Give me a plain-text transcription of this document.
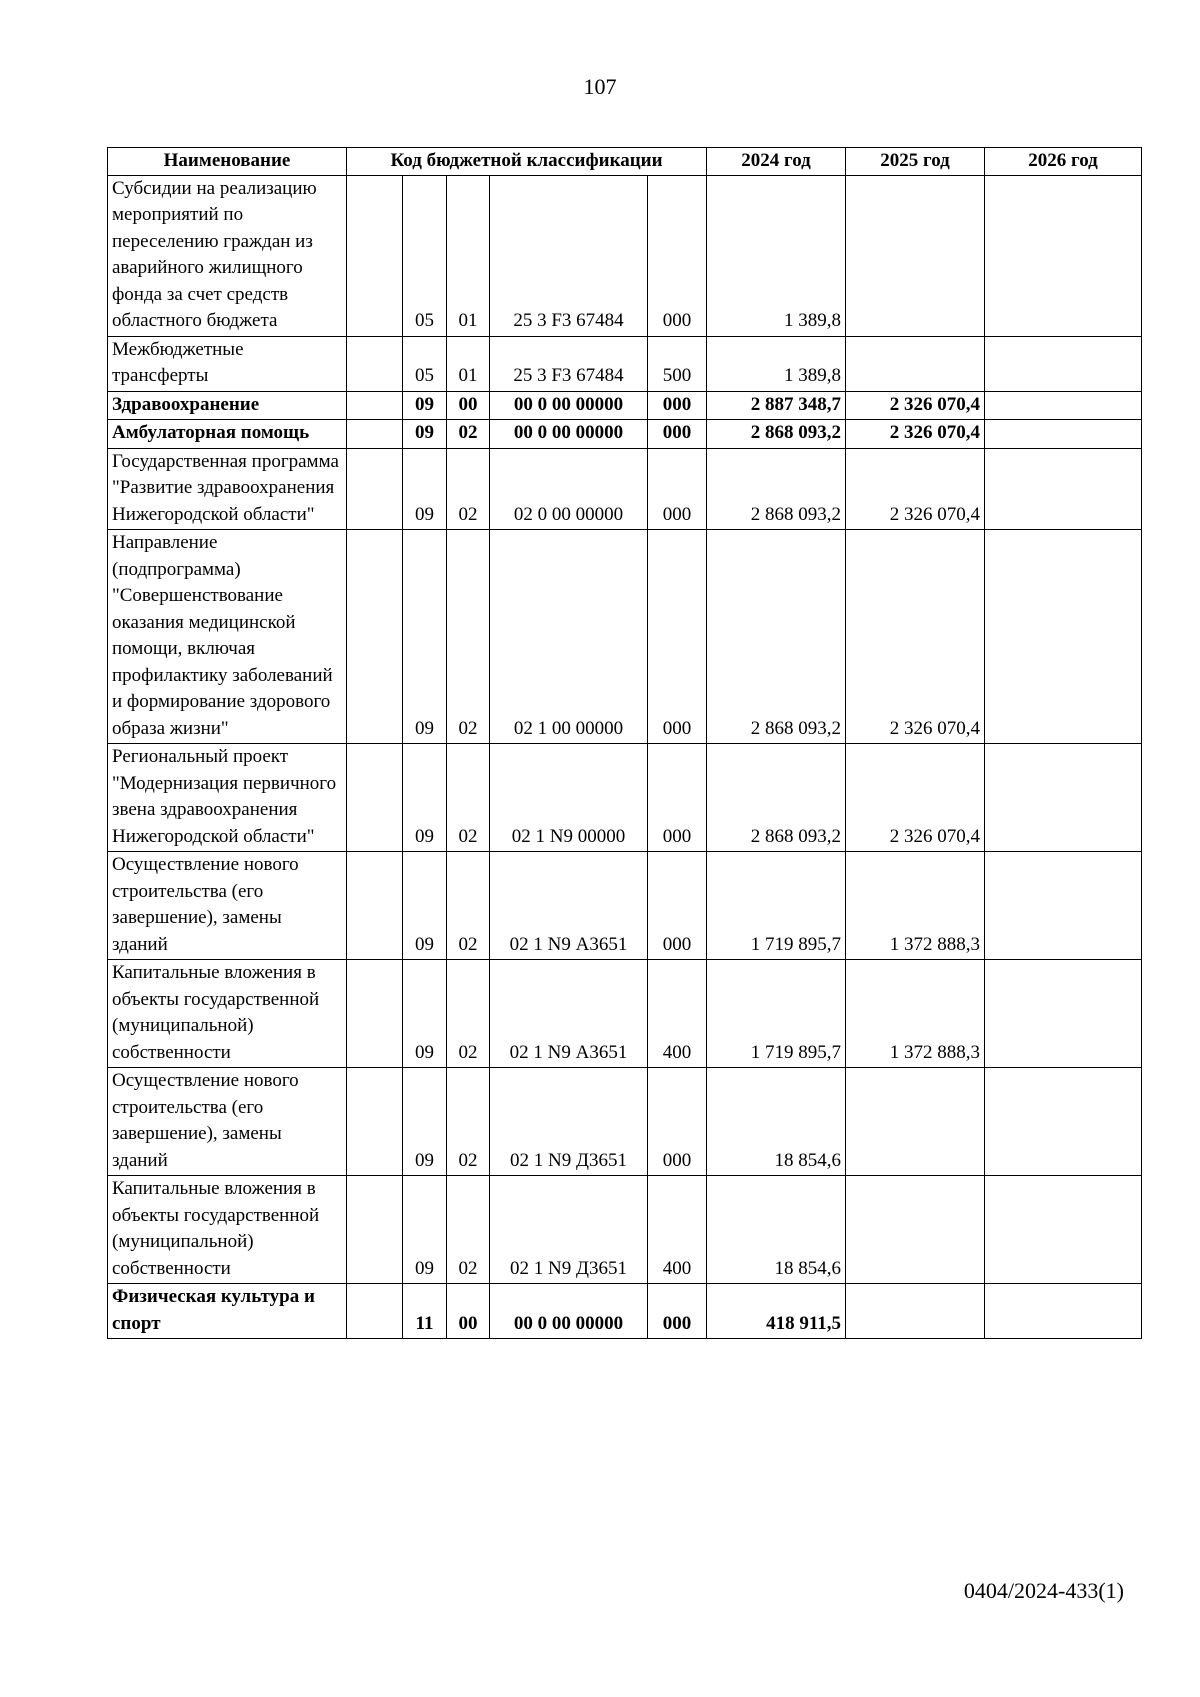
107
Наименование	Код бюджетной классификации					2024 год	2025 год	2026 год
Субсидии на реализацию мероприятий по переселению граждан из аварийного жилищного фонда за счет средств областного бюджета		05	01	25 3 F3 67484	000	1 389,8		
Межбюджетные трансферты		05	01	25 3 F3 67484	500	1 389,8		
Здравоохранение		09	00	00 0 00 00000	000	2 887 348,7	2 326 070,4	
Амбулаторная помощь		09	02	00 0 00 00000	000	2 868 093,2	2 326 070,4	
Государственная программа "Развитие здравоохранения Нижегородской области"		09	02	02 0 00 00000	000	2 868 093,2	2 326 070,4	
Направление (подпрограмма) "Совершенствование оказания медицинской помощи, включая профилактику заболеваний и формирование здорового образа жизни"		09	02	02 1 00 00000	000	2 868 093,2	2 326 070,4	
Региональный проект "Модернизация первичного звена здравоохранения Нижегородской области"		09	02	02 1 N9 00000	000	2 868 093,2	2 326 070,4	
Осуществление нового строительства (его завершение), замены зданий		09	02	02 1 N9 А3651	000	1 719 895,7	1 372 888,3	
Капитальные вложения в объекты государственной (муниципальной) собственности		09	02	02 1 N9 А3651	400	1 719 895,7	1 372 888,3	
Осуществление нового строительства (его завершение), замены зданий		09	02	02 1 N9 Д3651	000	18 854,6		
Капитальные вложения в объекты государственной (муниципальной) собственности		09	02	02 1 N9 Д3651	400	18 854,6		
Физическая культура и спорт		11	00	00 0 00 00000	000	418 911,5		
0404/2024-433(1)
